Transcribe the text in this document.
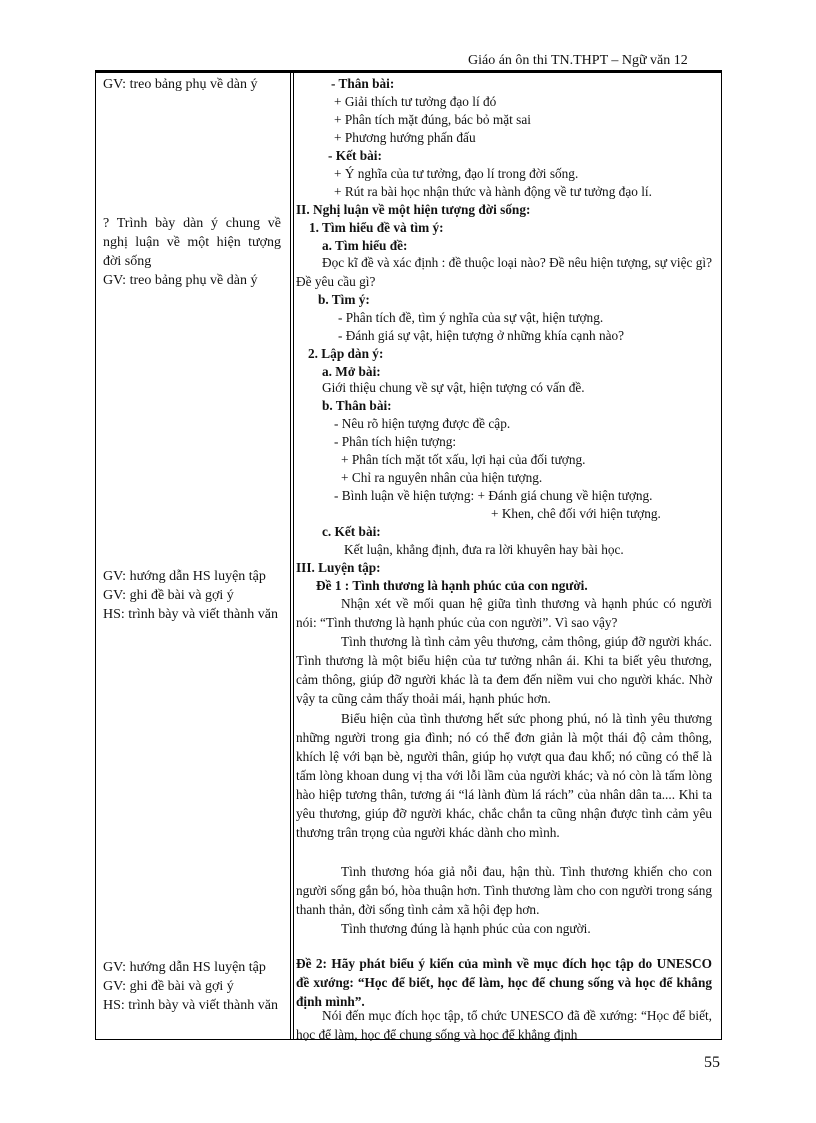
Giáo án ôn thi TN.THPT – Ngữ văn 12
GV: treo bảng phụ về dàn ý
? Trình bày dàn ý chung về nghị luận về một hiện tượng đời sống
GV: treo bảng phụ về dàn ý
GV: hướng dẫn HS luyện tập
GV: ghi đề bài và gợi ý
HS: trình bày và viết thành văn
GV: hướng dẫn HS luyện tập
GV: ghi đề bài và gợi ý
HS: trình bày và viết thành văn
- Thân bài:
+ Giải thích tư tưởng đạo lí đó
+ Phân tích mặt đúng, bác bỏ mặt sai
+ Phương hướng phấn đấu
- Kết bài:
+ Ý nghĩa của tư tưởng, đạo lí trong đời sống.
+ Rút ra bài học nhận thức và hành động về tư tưởng đạo lí.
II. Nghị luận về một hiện tượng đời sống:
1. Tìm hiểu đề và tìm ý:
a. Tìm hiểu đề:
Đọc kĩ đề và xác định : đề thuộc loại nào? Đề nêu hiện tượng, sự việc gì? Đề yêu cầu gì?
b. Tìm ý:
- Phân tích đề, tìm ý nghĩa của sự vật, hiện tượng.
- Đánh giá sự vật, hiện tượng ở những khía cạnh nào?
2. Lập dàn ý:
a. Mở bài:
Giới thiệu chung về sự vật, hiện tượng có vấn đề.
b. Thân bài:
- Nêu rõ hiện tượng được đề cập.
- Phân tích hiện tượng:
+ Phân tích mặt tốt xấu, lợi hại của đối tượng.
+ Chỉ ra nguyên nhân của hiện tượng.
- Bình luận về hiện tượng: + Đánh giá chung về hiện tượng.
+ Khen, chê đối với hiện tượng.
c. Kết bài:
Kết luận, khẳng định, đưa ra lời khuyên hay bài học.
III. Luyện tập:
Đề 1 : Tình thương là hạnh phúc của con người.
Nhận xét về mối quan hệ giữa tình thương và hạnh phúc có người nói: “Tình thương là hạnh phúc của con người”. Vì sao vậy?
Tình thương là tình cảm yêu thương, cảm thông, giúp đỡ người khác. Tình thương là một biểu hiện của tư tưởng nhân ái. Khi ta biết yêu thương, cảm thông, giúp đỡ người khác là ta đem đến niềm vui cho người khác. Nhờ vậy ta cũng cảm thấy thoải mái, hạnh phúc hơn.
Biểu hiện của tình thương hết sức phong phú, nó là tình yêu thương những người trong gia đình; nó có thể đơn giản là một thái độ cảm thông, khích lệ với bạn bè, người thân, giúp họ vượt qua đau khổ; nó cũng có thể là tấm lòng khoan dung vị tha với lỗi lầm của người khác; và nó còn là tấm lòng hào hiệp tương thân, tương ái “lá lành đùm lá rách” của nhân dân ta.... Khi ta yêu thương, giúp đỡ người khác, chắc chắn ta cũng nhận được tình cảm yêu thương trân trọng của người khác dành cho mình.
Tình thương hóa giả nỗi đau, hận thù. Tình thương khiến cho con người sống gắn bó, hòa thuận hơn. Tình thương làm cho con người trong sáng thanh thản, đời sống tình cảm xã hội đẹp hơn.
Tình thương đúng là hạnh phúc của con người.
Đề 2: Hãy phát biểu ý kiến của mình về mục đích học tập do UNESCO đề xướng: “Học để biết, học để làm, học để chung sống và học để khẳng định mình”.
Nói đến mục đích học tập, tổ chức UNESCO đã đề xướng: “Học để biết, học để làm, học để chung sống và học để khẳng định
55
